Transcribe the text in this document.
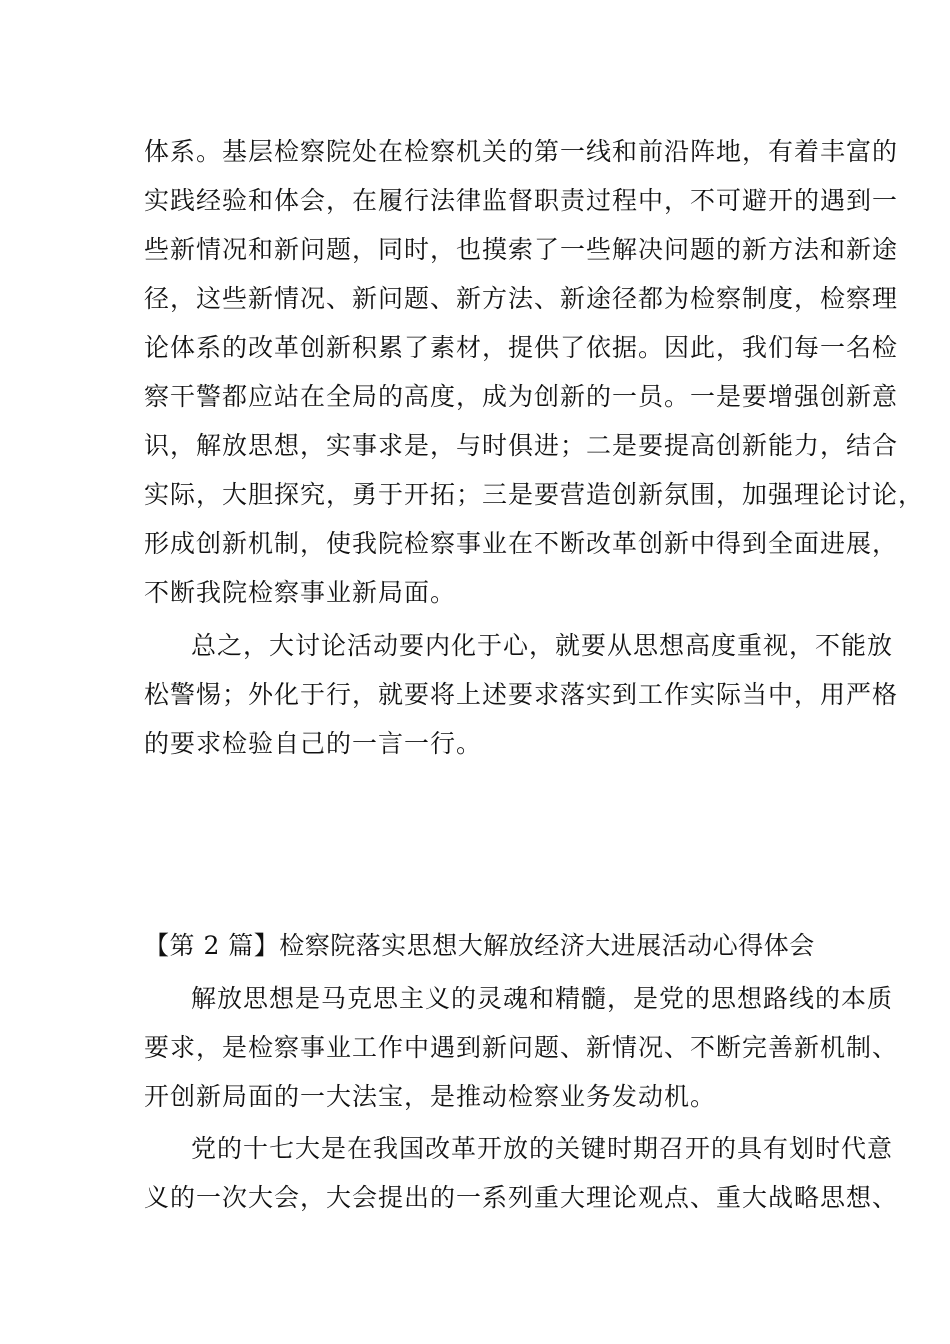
体系。基层检察院处在检察机关的第一线和前沿阵地，有着丰富的
实践经验和体会，在履行法律监督职责过程中，不可避开的遇到一
些新情况和新问题，同时，也摸索了一些解决问题的新方法和新途
径，这些新情况、新问题、新方法、新途径都为检察制度，检察理
论体系的改革创新积累了素材，提供了依据。因此，我们每一名检
察干警都应站在全局的高度，成为创新的一员。一是要增强创新意
识，解放思想，实事求是，与时俱进；二是要提高创新能力，结合
实际，大胆探究，勇于开拓；三是要营造创新氛围，加强理论讨论，
形成创新机制，使我院检察事业在不断改革创新中得到全面进展，
不断我院检察事业新局面。
总之，大讨论活动要内化于心，就要从思想高度重视，不能放
松警惕；外化于行，就要将上述要求落实到工作实际当中，用严格
的要求检验自己的一言一行。
【第 2 篇】检察院落实思想大解放经济大进展活动心得体会
解放思想是马克思主义的灵魂和精髓，是党的思想路线的本质
要求，是检察事业工作中遇到新问题、新情况、不断完善新机制、
开创新局面的一大法宝，是推动检察业务发动机。
党的十七大是在我国改革开放的关键时期召开的具有划时代意
义的一次大会，大会提出的一系列重大理论观点、重大战略思想、
